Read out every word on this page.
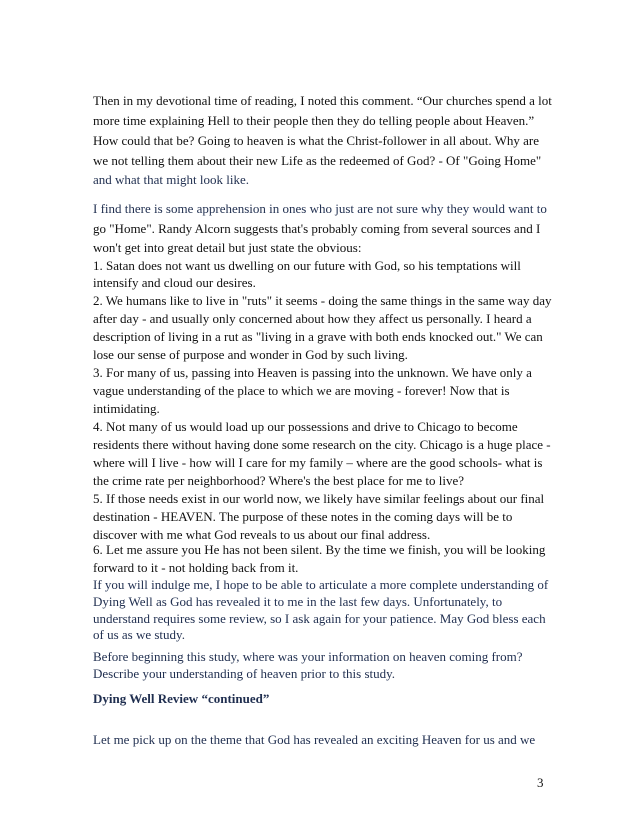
Then in my devotional time of reading, I noted this comment. “Our churches spend a lot
more time explaining Hell to their people then they do telling people about Heaven.”
How could that be? Going to heaven is what the Christ-follower in all about. Why are
we not telling them about their new Life as the redeemed of God? - Of "Going Home"
and what that might look like.
I find there is some apprehension in ones who just are not sure why they would want to
go "Home". Randy Alcorn suggests that's probably coming from several sources and I
won't get into great detail but just state the obvious:
1. Satan does not want us dwelling on our future with God, so his temptations will
intensify and cloud our desires.
2. We humans like to live in "ruts" it seems - doing the same things in the same way day
after day - and usually only concerned about how they affect us personally. I heard a
description of living in a rut as "living in a grave with both ends knocked out." We can
lose our sense of purpose and wonder in God by such living.
3. For many of us, passing into Heaven is passing into the unknown. We have only a
vague understanding of the place to which we are moving - forever! Now that is
intimidating.
4. Not many of us would load up our possessions and drive to Chicago to become
residents there without having done some research on the city. Chicago is a huge place -
where will I live - how will I care for my family – where are the good schools- what is
the crime rate per neighborhood? Where's the best place for me to live?
5. If those needs exist in our world now, we likely have similar feelings about our final
destination - HEAVEN. The purpose of these notes in the coming days will be to
discover with me what God reveals to us about our final address.
6. Let me assure you He has not been silent. By the time we finish, you will be looking
forward to it - not holding back from it.
If you will indulge me, I hope to be able to articulate a more complete understanding of
Dying Well as God has revealed it to me in the last few days. Unfortunately, to
understand requires some review, so I ask again for your patience. May God bless each
of us as we study.
Before beginning this study, where was your information on heaven coming from?
Describe your understanding of heaven prior to this study.
Dying Well Review “continued”
Let me pick up on the theme that God has revealed an exciting Heaven for us and we
3
